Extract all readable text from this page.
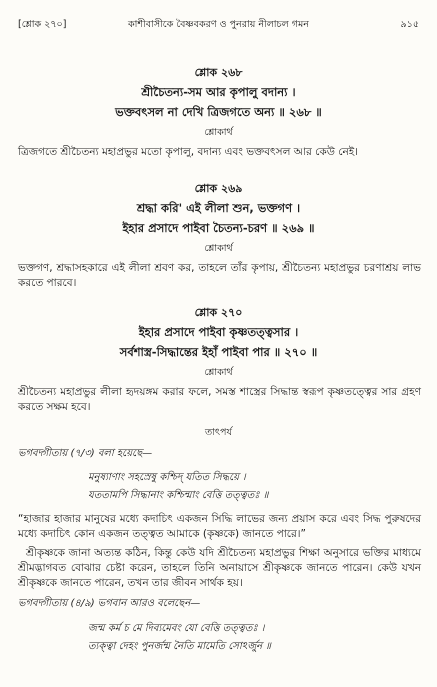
[শ্লোক ২৭০]	কাশীবাসীকে বৈষ্ণবকরণ ও পুনরায় নীলাচল গমন	৯১৫
শ্লোক ২৬৮
শ্রীচৈতন্য-সম আর কৃপালু বদান্য ।
ভক্তবৎসল না দেখি ত্রিজগতে অন্য ॥ ২৬৮ ॥
শ্লোকার্থ
ত্রিজগতে শ্রীচৈতন্য মহাপ্রভুর মতো কৃপালু, বদান্য এবং ভক্তবৎসল আর কেউ নেই।
শ্লোক ২৬৯
শ্রদ্ধা করি' এই লীলা শুন, ভক্তগণ ।
ইহার প্রসাদে পাইবা চৈতন্য-চরণ ॥ ২৬৯ ॥
শ্লোকার্থ
ভক্তগণ, শ্রদ্ধাসহকারে এই লীলা শ্রবণ কর, তাহলে তাঁর কৃপায়, শ্রীচৈতন্য মহাপ্রভুর চরণাশ্রয় লাভ করতে পারবে।
শ্লোক ২৭০
ইহার প্রসাদে পাইবা কৃষ্ণতত্ত্বসার ।
সর্বশাস্ত্র-সিদ্ধান্তের ইহাঁ পাইবা পার ॥ ২৭০ ॥
শ্লোকার্থ
শ্রীচৈতন্য মহাপ্রভুর লীলা হৃদয়ঙ্গম করার ফলে, সমস্ত শাস্ত্রের সিদ্ধান্ত স্বরূপ কৃষ্ণতত্ত্বের সার গ্রহণ করতে সক্ষম হবে।
তাৎপর্য
ভগবদ্গীতায় (৭/৩) বলা হয়েছে—
মনুষ্যাণাং সহস্রেষু কশ্চিদ্ যতিত সিদ্ধয়ে ।
যততামপি সিদ্ধানাং কশ্চিন্মাং বেত্তি তত্ত্বতঃ ॥
“হাজার হাজার মানুষের মধ্যে কদাচিৎ একজন সিদ্ধি লাভের জন্য প্রয়াস করে এবং সিদ্ধ পুরুষদের মধ্যে কদাচিৎ কোন একজন তত্ত্বত আমাকে (কৃষ্ণকে) জানতে পারে।”
শ্রীকৃষ্ণকে জানা অত্যন্ত কঠিন, কিন্তু কেউ যদি শ্রীচৈতন্য মহাপ্রভুর শিক্ষা অনুসারে ভক্তির মাধ্যমে শ্রীমদ্ভাগবত বোঝার চেষ্টা করেন, তাহলে তিনি অনায়াসে শ্রীকৃষ্ণকে জানতে পারেন। কেউ যখন শ্রীকৃষ্ণকে জানতে পারেন, তখন তার জীবন সার্থক হয়।
ভগবদ্গীতায় (৪/৯) ভগবান আরও বলেছেন—
জন্ম কর্ম চ মে দিব্যমেবং যো বেত্তি তত্ত্বতঃ ।
ত্যক্ত্বা দেহং পুনর্জন্ম নৈতি মামেতি সোঽর্জুন ॥
